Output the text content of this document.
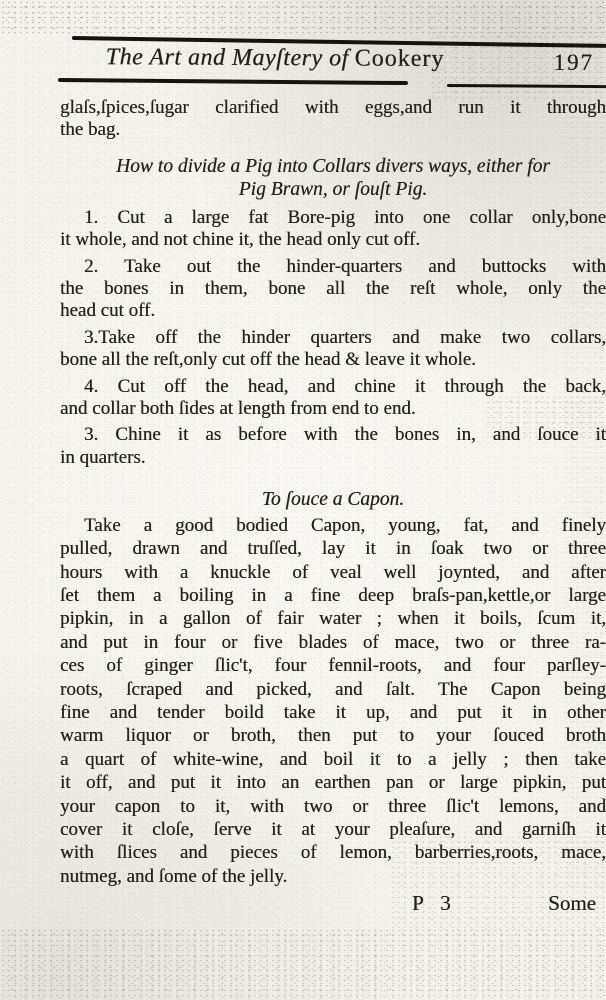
The Art and Mayſtery of Cookery	197
glaſs,ſpices,ſugar clarified with eggs,and run it through
the bag.
How to divide a Pig into Collars divers ways, either for
Pig Brawn, or ſouſt Pig.
1. Cut a large fat Bore-pig into one collar only,bone
it whole, and not chine it, the head only cut off.
2. Take out the hinder-quarters and buttocks with
the bones in them, bone all the reſt whole, only the
head cut off.
3.Take off the hinder quarters and make two collars,
bone all the reſt,only cut off the head & leave it whole.
4. Cut off the head, and chine it through the back,
and collar both ſides at length from end to end.
3. Chine it as before with the bones in, and ſouce it
in quarters.
To ſouce a Capon.
Take a good bodied Capon, young, fat, and finely
pulled, drawn and truſſed, lay it in ſoak two or three
hours with a knuckle of veal well joynted, and after
ſet them a boiling in a fine deep braſs-pan,kettle,or large
pipkin, in a gallon of fair water ; when it boils, ſcum it,
and put in four or five blades of mace, two or three ra-
ces of ginger ſlic't, four fennil-roots, and four parſley-
roots, ſcraped and picked, and ſalt. The Capon being
fine and tender boild take it up, and put it in other
warm liquor or broth, then put to your ſouced broth
a quart of white-wine, and boil it to a jelly ; then take
it off, and put it into an earthen pan or large pipkin, put
your capon to it, with two or three ſlic't lemons, and
cover it cloſe, ſerve it at your pleaſure, and garniſh it
with ſlices and pieces of lemon, barberries,roots, mace,
nutmeg, and ſome of the jelly.
P 3	Some
